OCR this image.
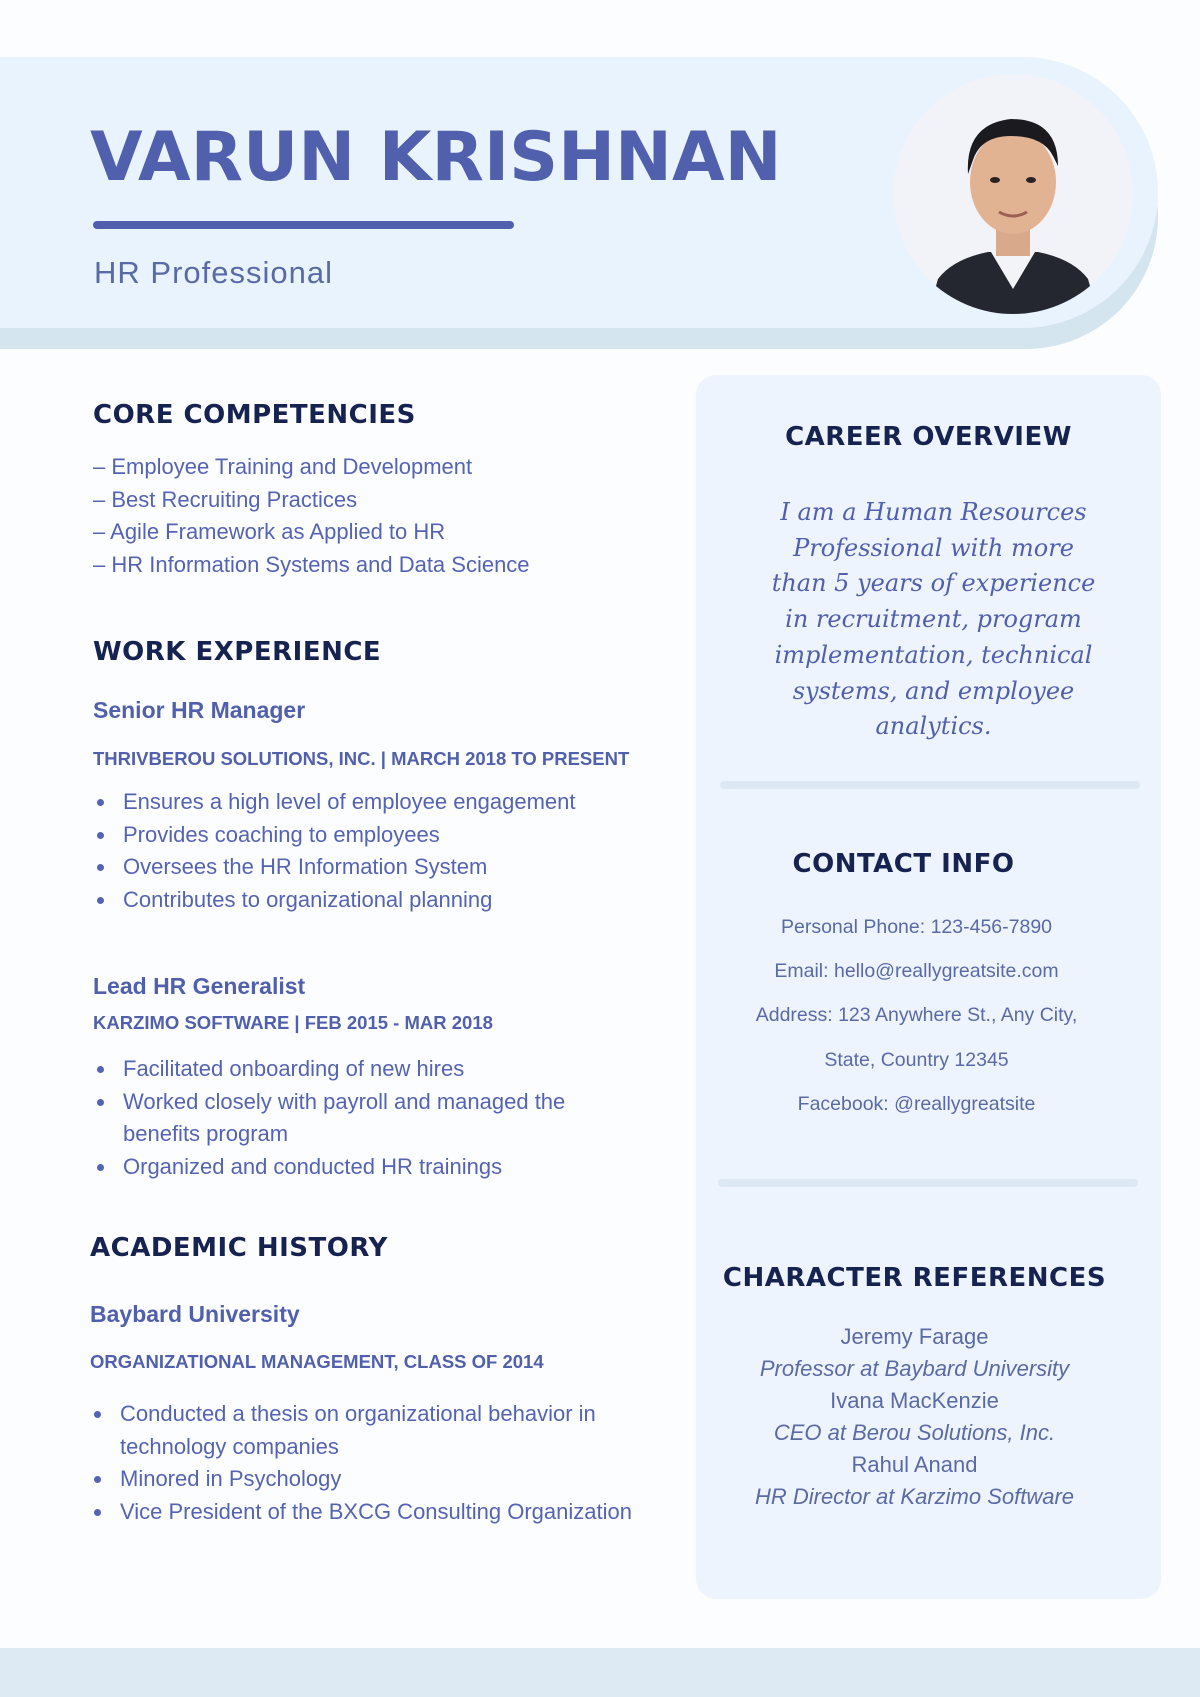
VARUN KRISHNAN
HR Professional
CORE COMPETENCIES
– Employee Training and Development
– Best Recruiting Practices
– Agile Framework as Applied to HR
– HR Information Systems and Data Science
WORK EXPERIENCE
Senior HR Manager
THRIVBEROU SOLUTIONS, INC. | MARCH 2018 TO PRESENT
Ensures a high level of employee engagement
Provides coaching to employees
Oversees the HR Information System
Contributes to organizational planning
Lead HR Generalist
KARZIMO SOFTWARE | FEB 2015 - MAR 2018
Facilitated onboarding of new hires
Worked closely with payroll and managed the benefits program
Organized and conducted HR trainings
ACADEMIC HISTORY
Baybard University
ORGANIZATIONAL MANAGEMENT, CLASS OF 2014
Conducted a thesis on organizational behavior in technology companies
Minored in Psychology
Vice President of the BXCG Consulting Organization
CAREER OVERVIEW

I am a Human Resources Professional with more than 5 years of experience in recruitment, program implementation, technical systems, and employee analytics.

CONTACT INFO
Personal Phone: 123-456-7890
Email: hello@reallygreatsite.com
Address: 123 Anywhere St., Any City,
State, Country 12345
Facebook: @reallygreatsite
CHARACTER REFERENCES
Jeremy Farage
Professor at Baybard University
Ivana MacKenzie
CEO at Berou Solutions, Inc.
Rahul Anand
HR Director at Karzimo Software
